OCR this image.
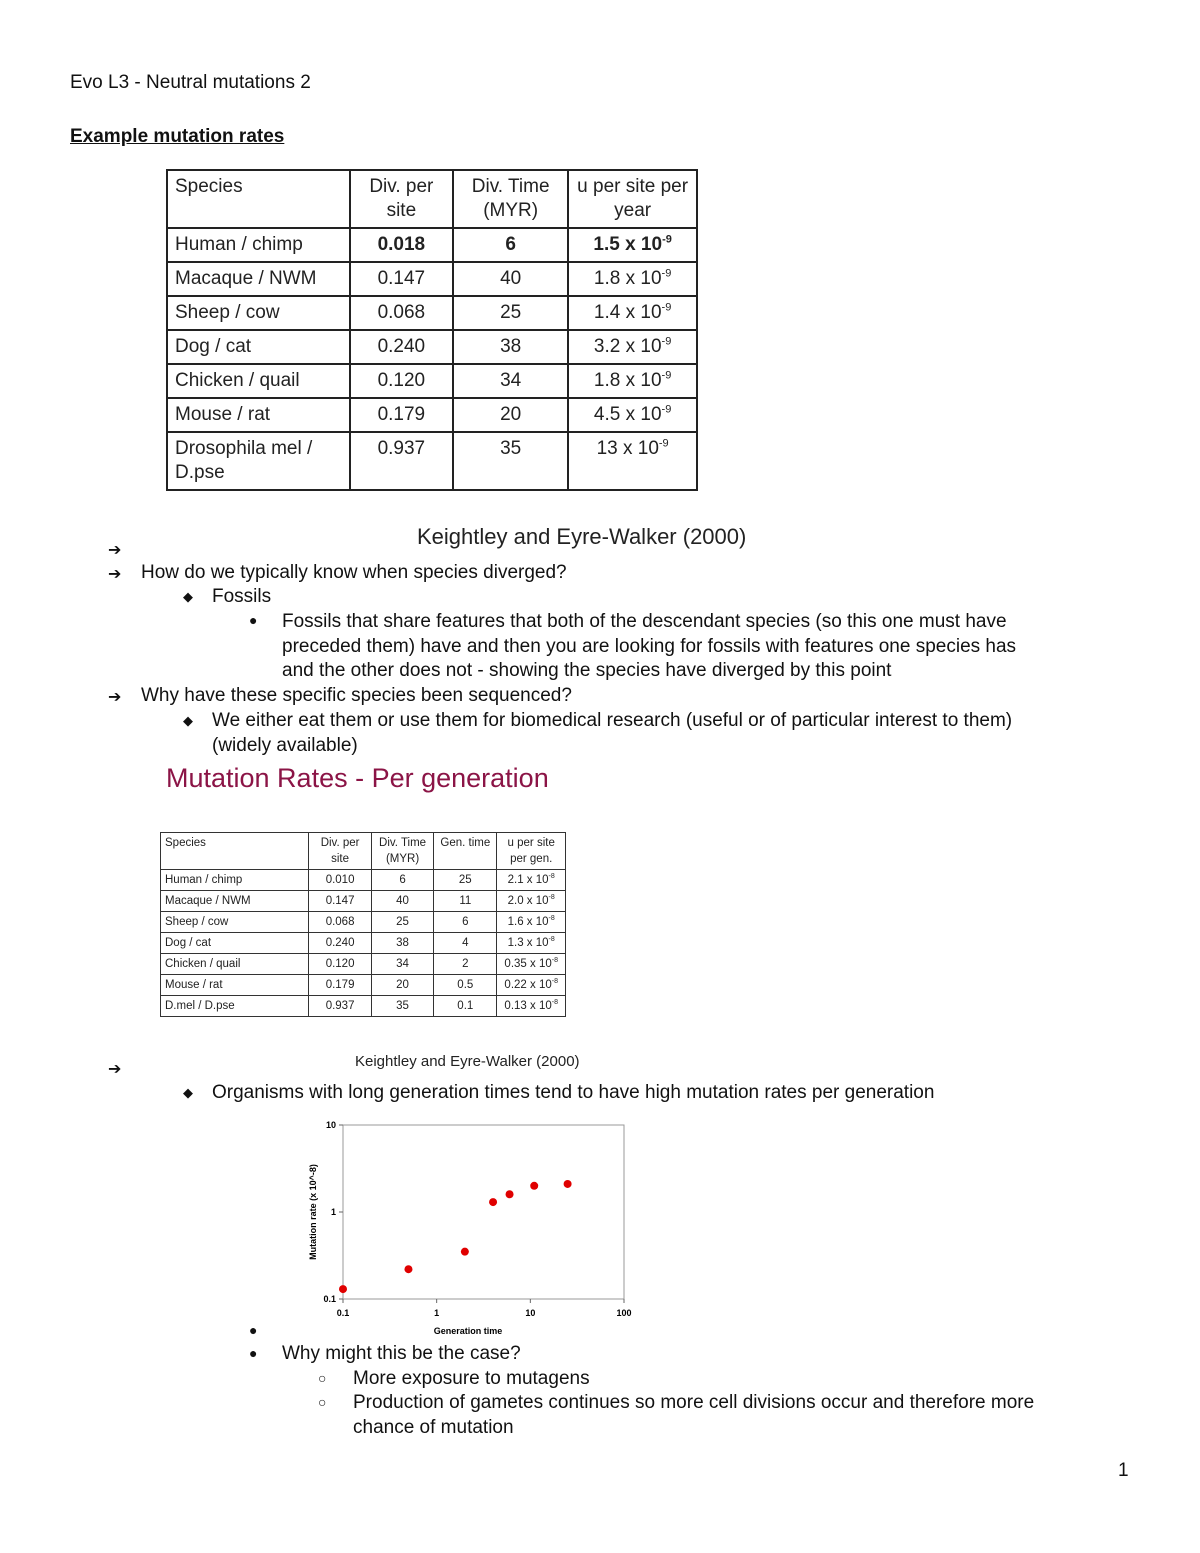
Evo L3 - Neutral mutations 2
Example mutation rates
Species	Div. per site	Div. Time (MYR)	u per site per year
Human / chimp	0.018	6	1.5 x $10^{-9}$
Macaque / NWM	0.147	40	1.8 x $10^{-9}$
Sheep / cow	0.068	25	1.4 x $10^{-9}$
Dog / cat	0.240	38	3.2 x $10^{-9}$
Chicken / quail	0.120	34	1.8 x $10^{-9}$
Mouse / rat	0.179	20	4.5 x $10^{-9}$
Drosophila mel / D.pse	0.937	35	13 x $10^{-9}$
Keightley and Eyre-Walker (2000)
➔
➔ How do we typically know when species diverged?
◆ Fossils
● Fossils that share features that both of the descendant species (so this one must have
preceded them) have and then you are looking for fossils with features one species has
and the other does not - showing the species have diverged by this point
➔ Why have these specific species been sequenced?
◆ We either eat them or use them for biomedical research (useful or of particular interest to them)
(widely available)
Mutation Rates - Per generation
Species	Div. per site	Div. Time (MYR)	Gen. time	u per site per gen.
Human / chimp	0.010	6	25	2.1 x $10^{-8}$
Macaque / NWM	0.147	40	11	2.0 x $10^{-8}$
Sheep / cow	0.068	25	6	1.6 x $10^{-8}$
Dog / cat	0.240	38	4	1.3 x $10^{-8}$
Chicken / quail	0.120	34	2	0.35 x $10^{-8}$
Mouse / rat	0.179	20	0.5	0.22 x $10^{-8}$
D.mel / D.pse	0.937	35	0.1	0.13 x $10^{-8}$
➔	Keightley and Eyre-Walker (2000)
◆ Organisms with long generation times tend to have high mutation rates per generation
0.1
1
10
0.1	1	10	100
Generation time
Mutation rate (x 10^-8)
●
● Why might this be the case?
○ More exposure to mutagens
○ Production of gametes continues so more cell divisions occur and therefore more
chance of mutation
1
